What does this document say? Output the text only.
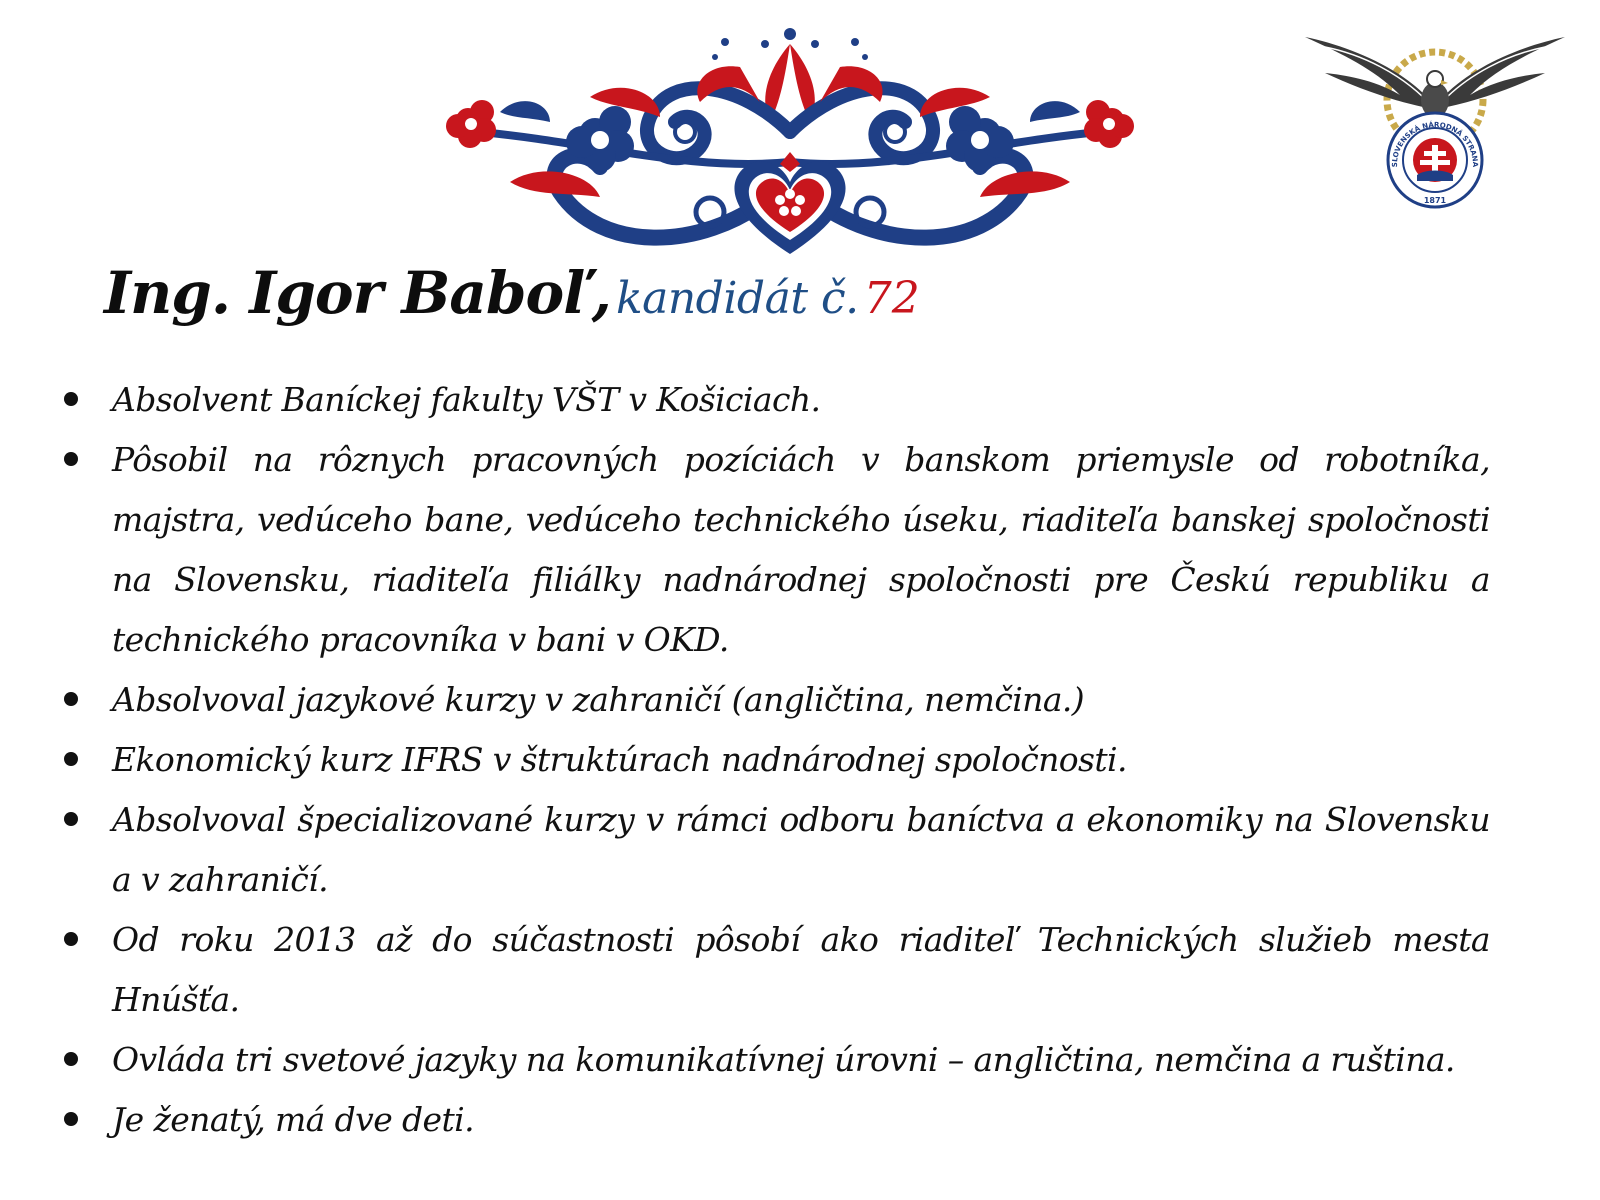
SLOVENSKÁ NÁRODNÁ STRANA
1871
Ing. Igor Baboľ, kandidát č. 72
Absolvent Baníckej fakulty VŠT v Košiciach.
Pôsobil na rôznych pracovných pozíciách v banskom priemysle od robotníka, majstra, vedúceho bane, vedúceho technického úseku, riaditeľa banskej spoločnosti na Slovensku, riaditeľa filiálky nadnárodnej spoločnosti pre Českú republiku a technického pracovníka v bani v OKD.
Absolvoval jazykové kurzy v zahraničí (angličtina, nemčina.)
Ekonomický kurz IFRS v štruktúrach nadnárodnej spoločnosti.
Absolvoval špecializované kurzy v rámci odboru baníctva a ekonomiky na Slovensku a v zahraničí.
Od roku 2013 až do súčastnosti pôsobí ako riaditeľ Technických služieb mesta Hnúšťa.
Ovláda tri svetové jazyky na komunikatívnej úrovni – angličtina, nemčina a ruština.
Je ženatý, má dve deti.
